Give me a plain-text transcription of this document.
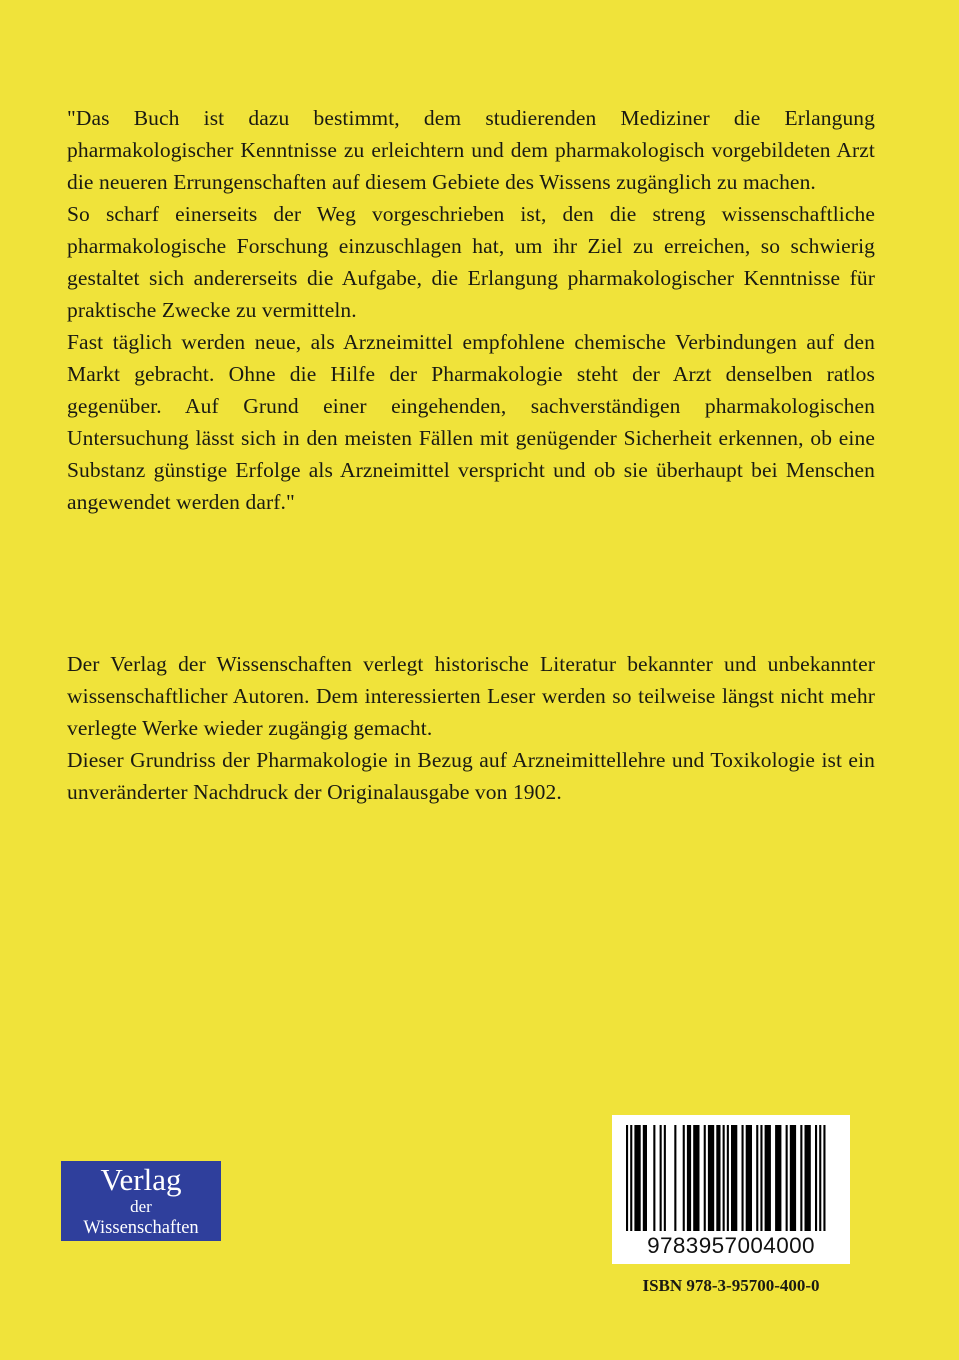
"Das Buch ist dazu bestimmt, dem studierenden Mediziner die Erlangung pharmakologischer Kenntnisse zu erleichtern und dem pharmakologisch vorgebildeten Arzt die neueren Errungenschaften auf diesem Gebiete des Wissens zugänglich zu machen.

So scharf einerseits der Weg vorgeschrieben ist, den die streng wissenschaftliche pharmakologische Forschung einzuschlagen hat, um ihr Ziel zu erreichen, so schwierig gestaltet sich andererseits die Aufgabe, die Erlangung pharmakologischer Kenntnisse für praktische Zwecke zu vermitteln.

Fast täglich werden neue, als Arzneimittel empfohlene chemische Verbindungen auf den Markt gebracht. Ohne die Hilfe der Pharmakologie steht der Arzt denselben ratlos gegenüber. Auf Grund einer eingehenden, sachverständigen pharmakologischen Untersuchung lässt sich in den meisten Fällen mit genügender Sicherheit erkennen, ob eine Substanz günstige Erfolge als Arzneimittel verspricht und ob sie überhaupt bei Menschen angewendet werden darf."

Der Verlag der Wissenschaften verlegt historische Literatur bekannter und unbekannter wissenschaftlicher Autoren. Dem interessierten Leser werden so teilweise längst nicht mehr verlegte Werke wieder zugängig gemacht.

Dieser Grundriss der Pharmakologie in Bezug auf Arzneimittellehre und Toxikologie ist ein unveränderter Nachdruck der Originalausgabe von 1902.

Verlag
der
Wissenschaften
9783957004000
ISBN 978-3-95700-400-0
